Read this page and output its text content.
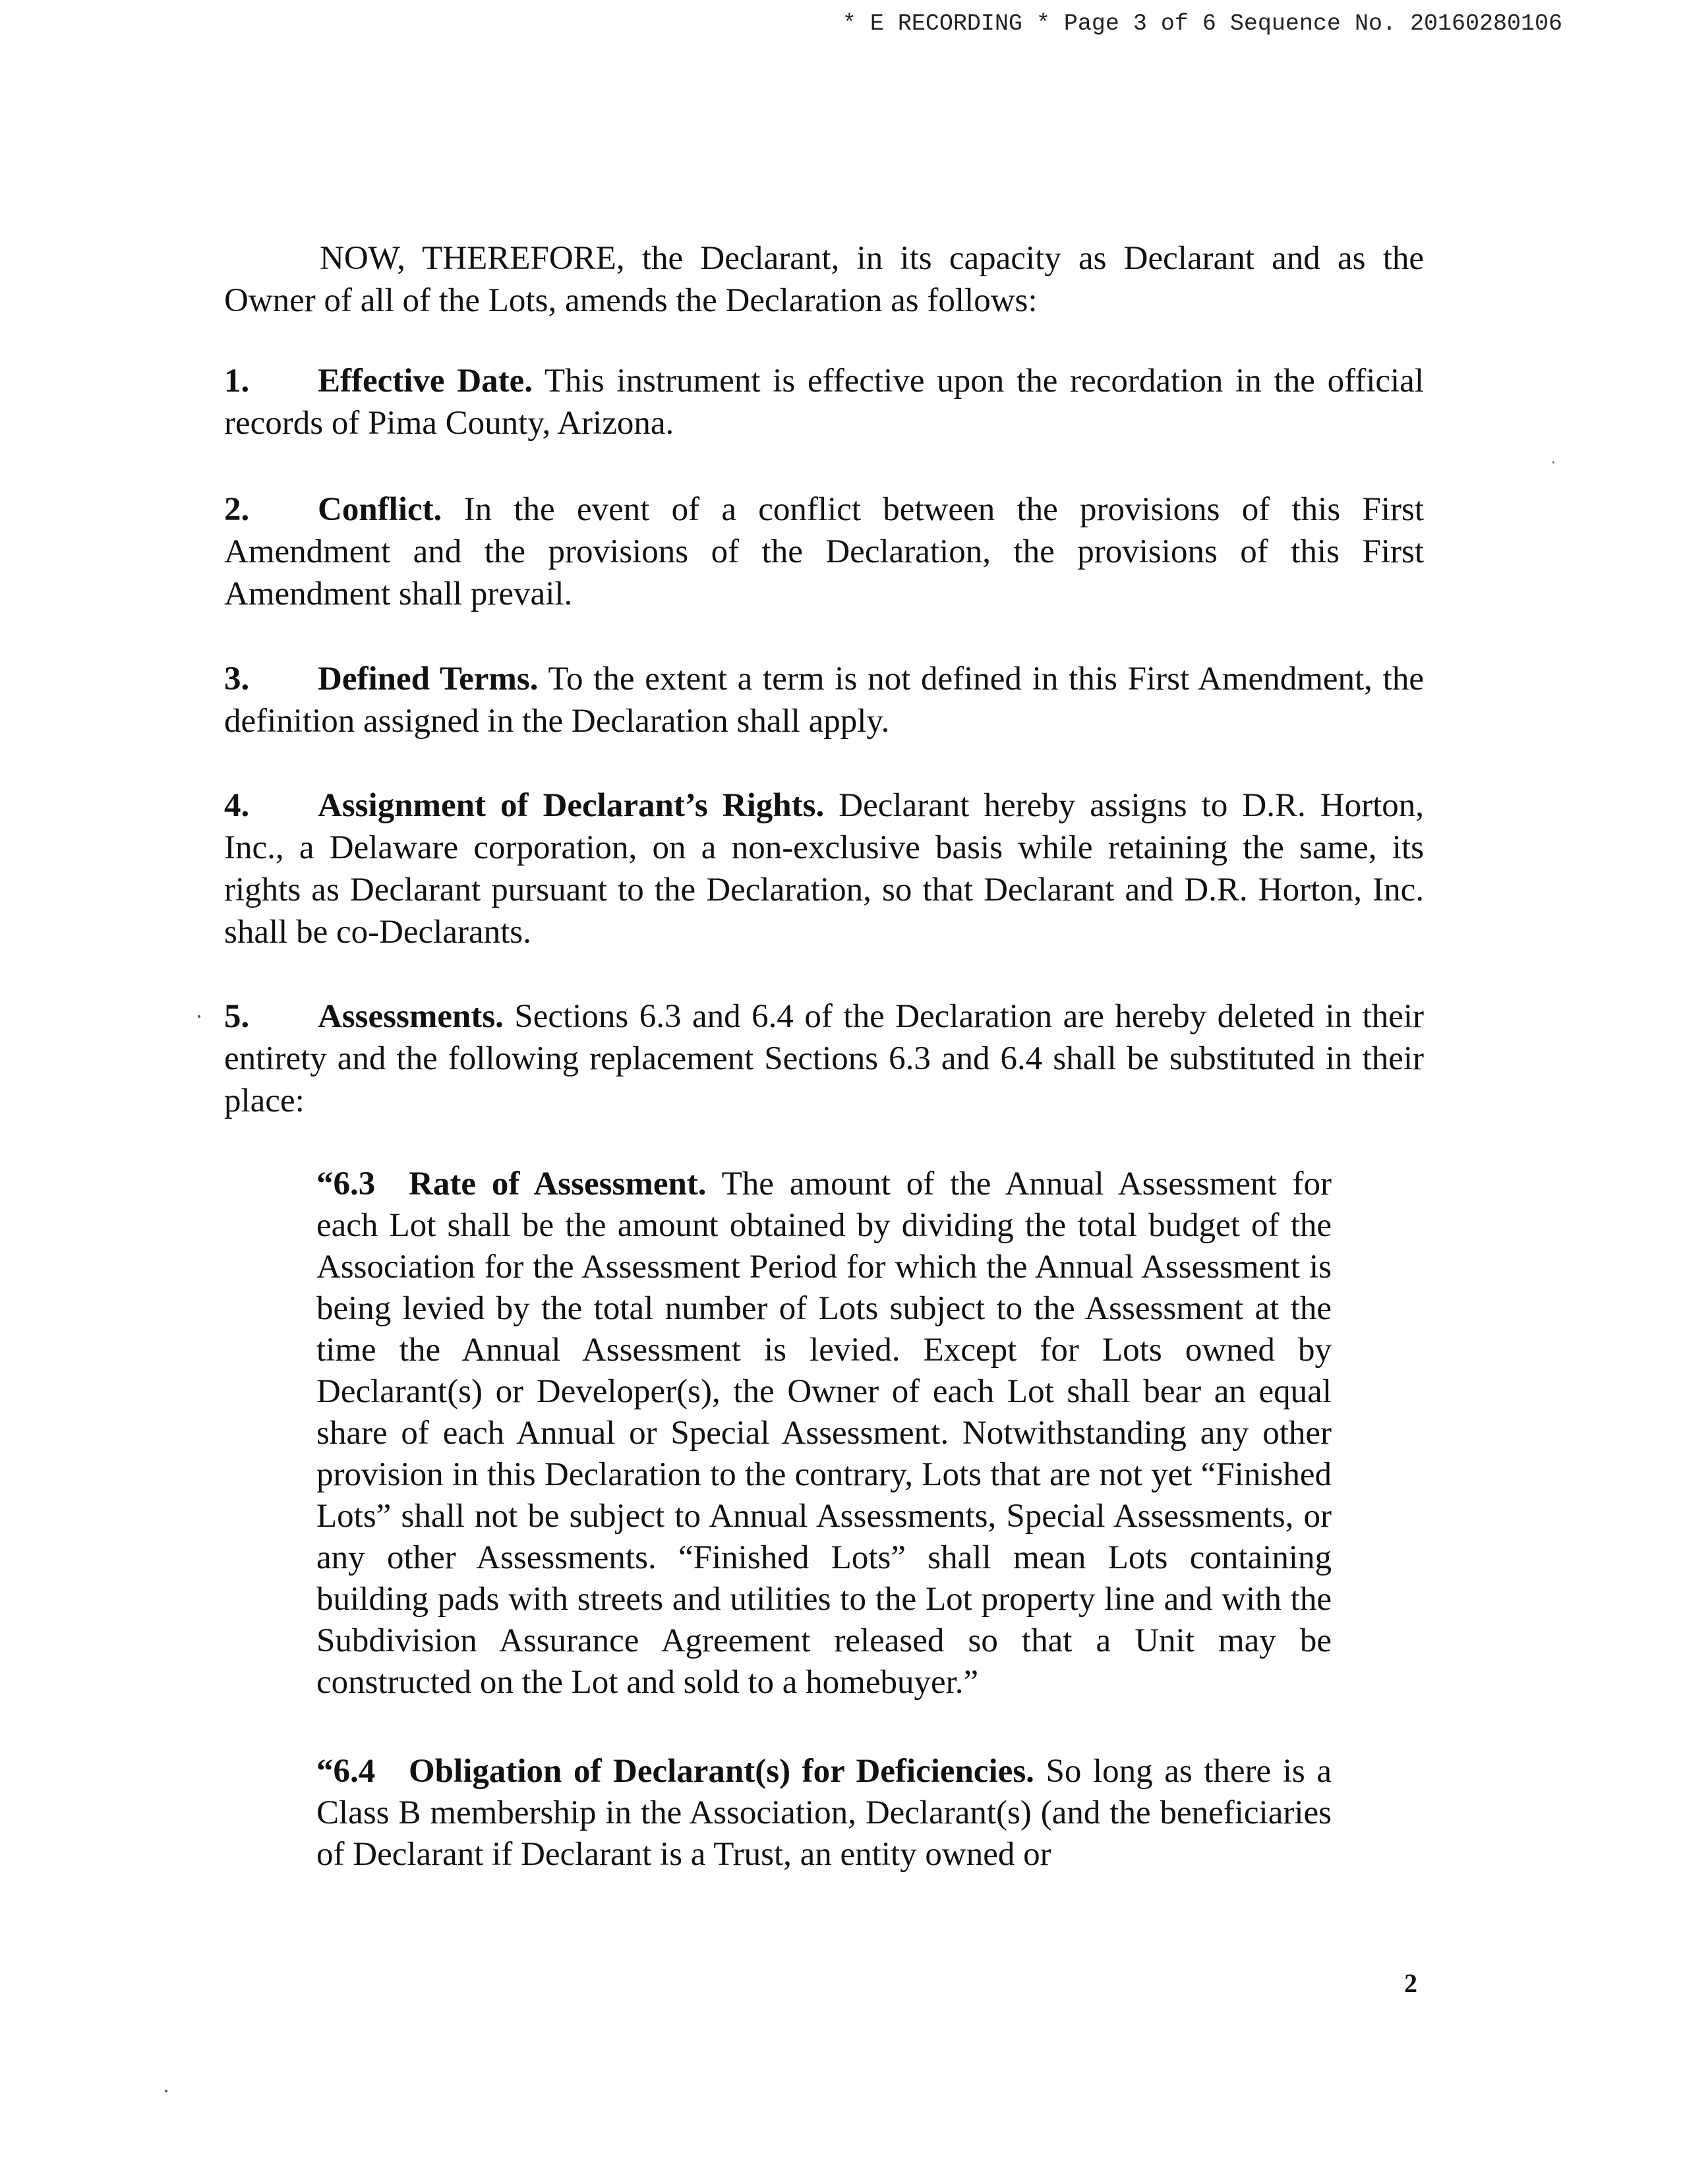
* E RECORDING * Page 3 of 6 Sequence No. 20160280106

NOW, THEREFORE, the Declarant, in its capacity as Declarant and as the Owner of all of the Lots, amends the Declaration as follows:

1. Effective Date. This instrument is effective upon the recordation in the official records of Pima County, Arizona.

2. Conflict. In the event of a conflict between the provisions of this First Amendment and the provisions of the Declaration, the provisions of this First Amendment shall prevail.

3. Defined Terms. To the extent a term is not defined in this First Amendment, the definition assigned in the Declaration shall apply.

4. Assignment of Declarant’s Rights. Declarant hereby assigns to D.R. Horton, Inc., a Delaware corporation, on a non-exclusive basis while retaining the same, its rights as Declarant pursuant to the Declaration, so that Declarant and D.R. Horton, Inc. shall be co-Declarants.

5. Assessments. Sections 6.3 and 6.4 of the Declaration are hereby deleted in their entirety and the following replacement Sections 6.3 and 6.4 shall be substituted in their place:

“6.3 Rate of Assessment. The amount of the Annual Assessment for each Lot shall be the amount obtained by dividing the total budget of the Association for the Assessment Period for which the Annual Assessment is being levied by the total number of Lots subject to the Assessment at the time the Annual Assessment is levied. Except for Lots owned by Declarant(s) or Developer(s), the Owner of each Lot shall bear an equal share of each Annual or Special Assessment. Notwithstanding any other provision in this Declaration to the contrary, Lots that are not yet “Finished Lots” shall not be subject to Annual Assessments, Special Assessments, or any other Assessments. “Finished Lots” shall mean Lots containing building pads with streets and utilities to the Lot property line and with the Subdivision Assurance Agreement released so that a Unit may be constructed on the Lot and sold to a homebuyer.”

“6.4 Obligation of Declarant(s) for Deficiencies. So long as there is a Class B membership in the Association, Declarant(s) (and the beneficiaries of Declarant if Declarant is a Trust, an entity owned or

2
